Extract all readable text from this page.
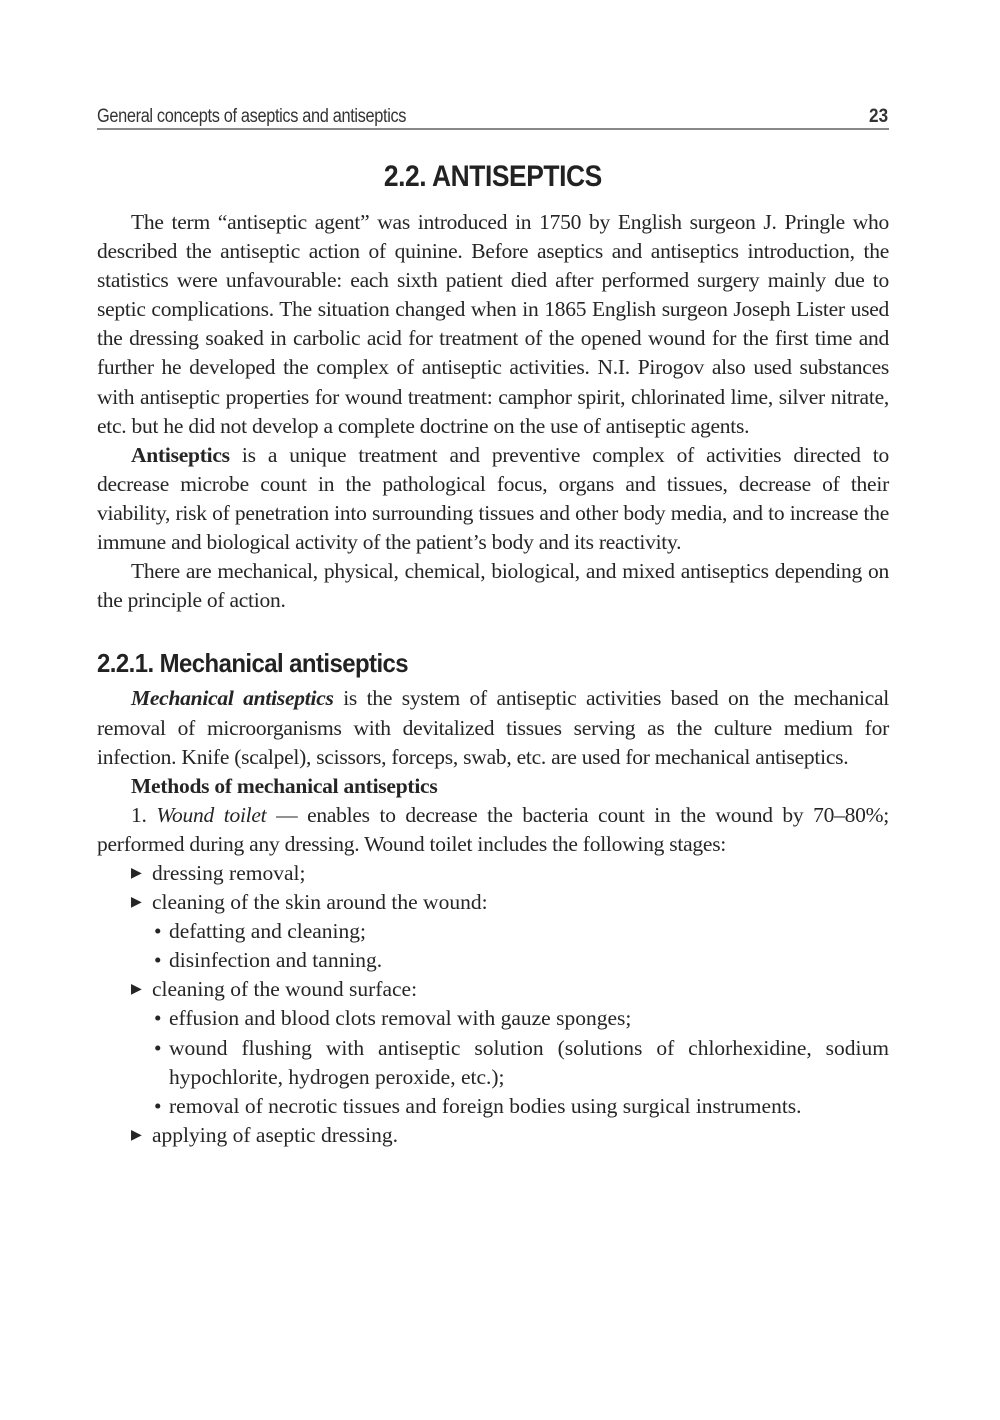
General concepts of aseptics and antiseptics	23
2.2. ANTISEPTICS

The term “antiseptic agent” was introduced in 1750 by English surgeon J. Pringle who described the antiseptic action of quinine. Before aseptics and antiseptics introduction, the statistics were unfavourable: each sixth patient died after performed surgery mainly due to septic complications. The situation changed when in 1865 English surgeon Joseph Lister used the dressing soaked in carbolic acid for treatment of the opened wound for the first time and further he developed the complex of antiseptic activities. N.I. Pirogov also used substances with antiseptic properties for wound treatment: camphor spirit, chlorinated lime, silver nitrate, etc. but he did not develop a complete doctrine on the use of antiseptic agents.

Antiseptics is a unique treatment and preventive complex of activities directed to decrease microbe count in the pathological focus, organs and tissues, decrease of their viability, risk of penetration into surrounding tissues and other body media, and to increase the immune and biological activity of the patient’s body and its reactivity.

There are mechanical, physical, chemical, biological, and mixed antiseptics depending on the principle of action.

2.2.1. Mechanical antiseptics

Mechanical antiseptics is the system of antiseptic activities based on the mechanical removal of microorganisms with devitalized tissues serving as the culture medium for infection. Knife (scalpel), scissors, forceps, swab, etc. are used for mechanical antiseptics.

Methods of mechanical antiseptics

1. Wound toilet — enables to decrease the bacteria count in the wound by 70–80%; performed during any dressing. Wound toilet includes the following stages:

▶ dressing removal;
▶ cleaning of the skin around the wound:
• defatting and cleaning;
• disinfection and tanning.
▶ cleaning of the wound surface:
• effusion and blood clots removal with gauze sponges;
• wound flushing with antiseptic solution (solutions of chlorhexidine, sodium hypochlorite, hydrogen peroxide, etc.);
• removal of necrotic tissues and foreign bodies using surgical instruments.
▶ applying of aseptic dressing.
